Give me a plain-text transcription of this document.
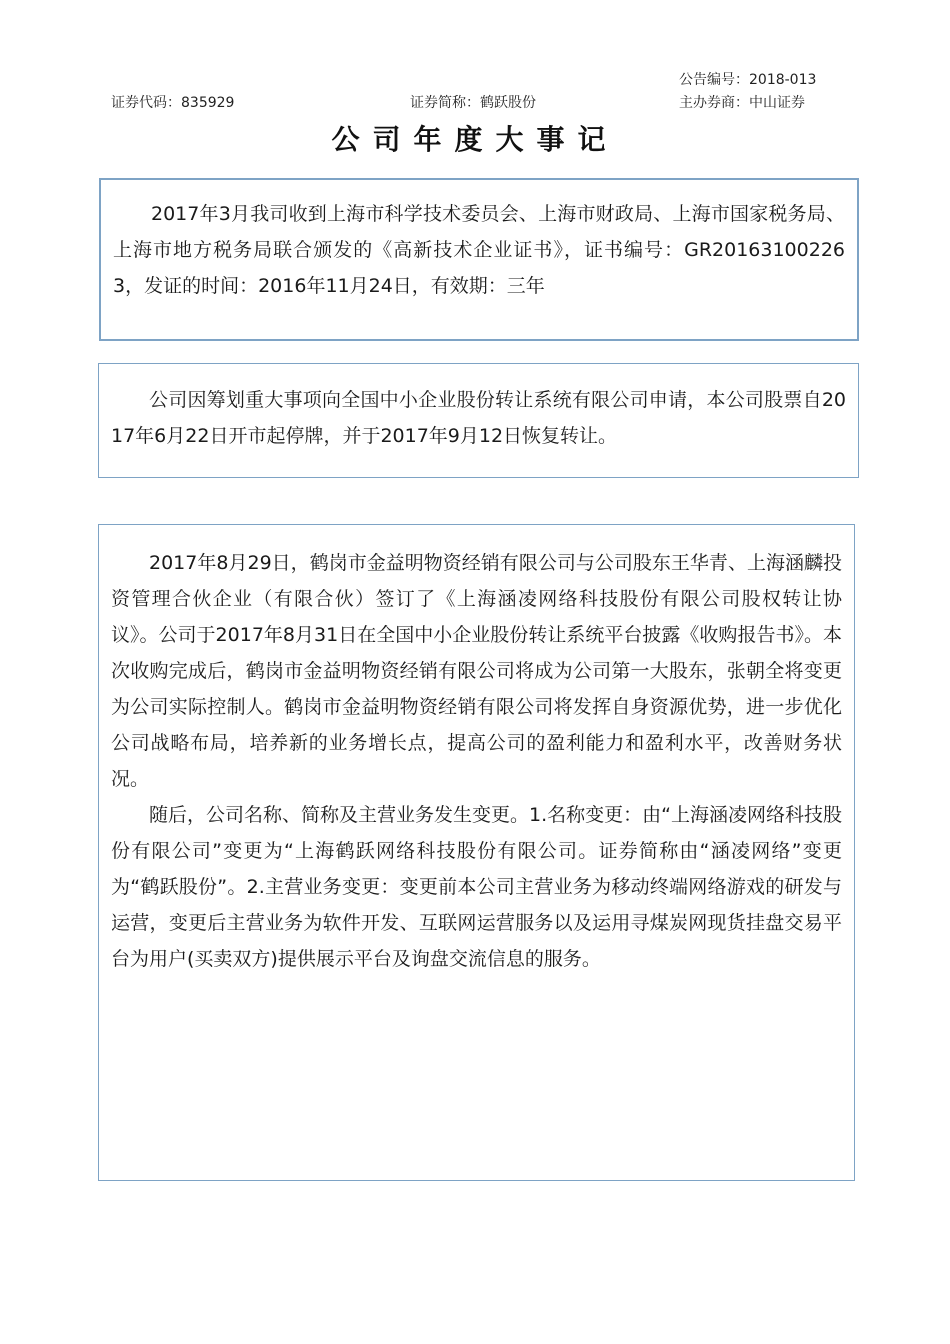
公告编号：2018-013
证券代码：835929	证券简称：鹤跃股份	主办券商：中山证券
公司年度大事记

2017年3月我司收到上海市科学技术委员会、上海市财政局、上海市国家税务局、上海市地方税务局联合颁发的《高新技术企业证书》，证书编号：GR201631002263，发证的时间：2016年11月24日，有效期：三年

公司因筹划重大事项向全国中小企业股份转让系统有限公司申请，本公司股票自2017年6月22日开市起停牌，并于2017年9月12日恢复转让。

2017年8月29日，鹤岗市金益明物资经销有限公司与公司股东王华青、上海涵麟投资管理合伙企业（有限合伙）签订了《上海涵凌网络科技股份有限公司股权转让协议》。公司于2017年8月31日在全国中小企业股份转让系统平台披露《收购报告书》。本次收购完成后，鹤岗市金益明物资经销有限公司将成为公司第一大股东，张朝全将变更为公司实际控制人。鹤岗市金益明物资经销有限公司将发挥自身资源优势，进一步优化公司战略布局，培养新的业务增长点，提高公司的盈利能力和盈利水平，改善财务状况。

随后，公司名称、简称及主营业务发生变更。1.名称变更：由“上海涵凌网络科技股份有限公司”变更为“上海鹤跃网络科技股份有限公司。证券简称由“涵凌网络”变更为“鹤跃股份”。2.主营业务变更：变更前本公司主营业务为移动终端网络游戏的研发与运营，变更后主营业务为软件开发、互联网运营服务以及运用寻煤炭网现货挂盘交易平台为用户(买卖双方)提供展示平台及询盘交流信息的服务。
